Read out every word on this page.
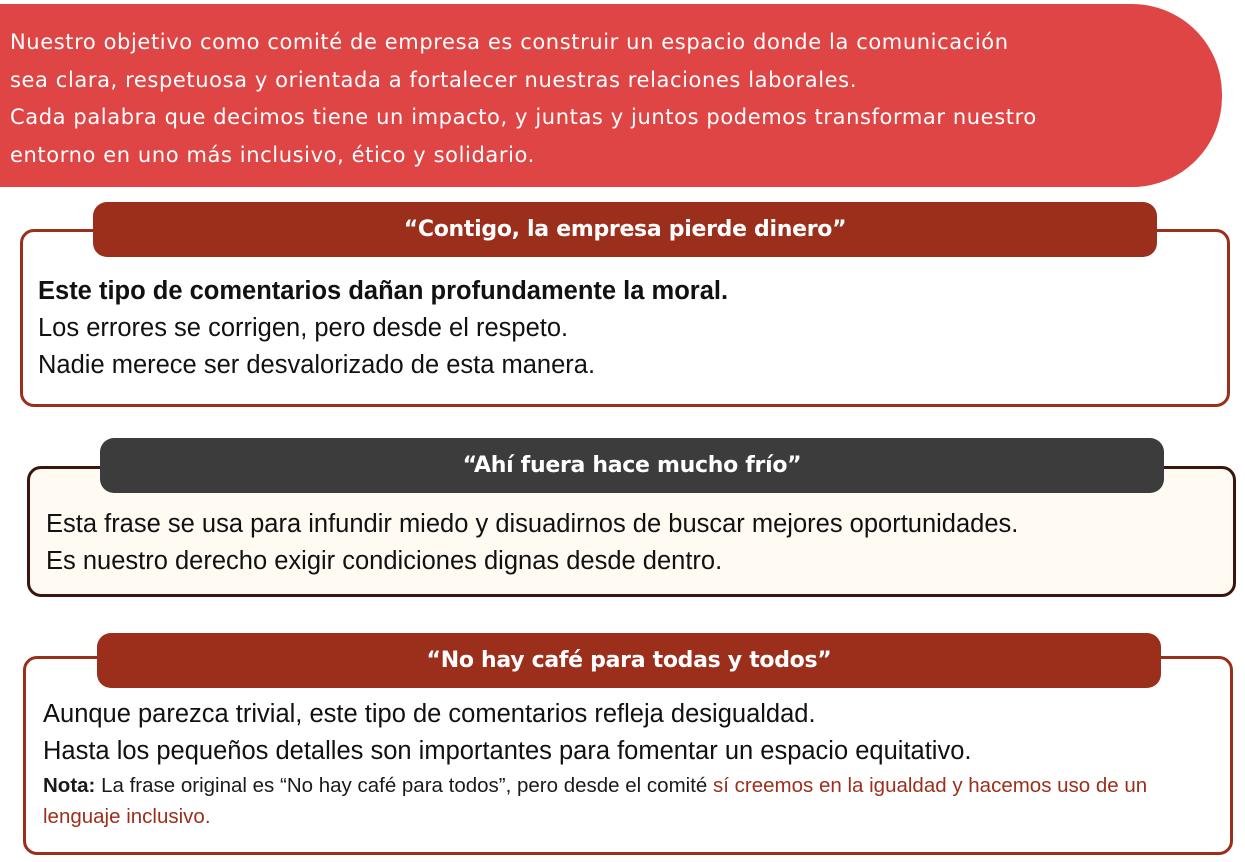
Nuestro objetivo como comité de empresa es construir un espacio donde la comunicación

sea clara, respetuosa y orientada a fortalecer nuestras relaciones laborales.

Cada palabra que decimos tiene un impacto, y juntas y juntos podemos transformar nuestro

entorno en uno más inclusivo, ético y solidario.

“Contigo, la empresa pierde dinero”

Este tipo de comentarios dañan profundamente la moral.

Los errores se corrigen, pero desde el respeto.

Nadie merece ser desvalorizado de esta manera.

“Ahí fuera hace mucho frío”

Esta frase se usa para infundir miedo y disuadirnos de buscar mejores oportunidades.

Es nuestro derecho exigir condiciones dignas desde dentro.

“No hay café para todas y todos”

Aunque parezca trivial, este tipo de comentarios refleja desigualdad.

Hasta los pequeños detalles son importantes para fomentar un espacio equitativo.

Nota: La frase original es “No hay café para todos”, pero desde el comité sí creemos en la igualdad y hacemos uso de un lenguaje inclusivo.
